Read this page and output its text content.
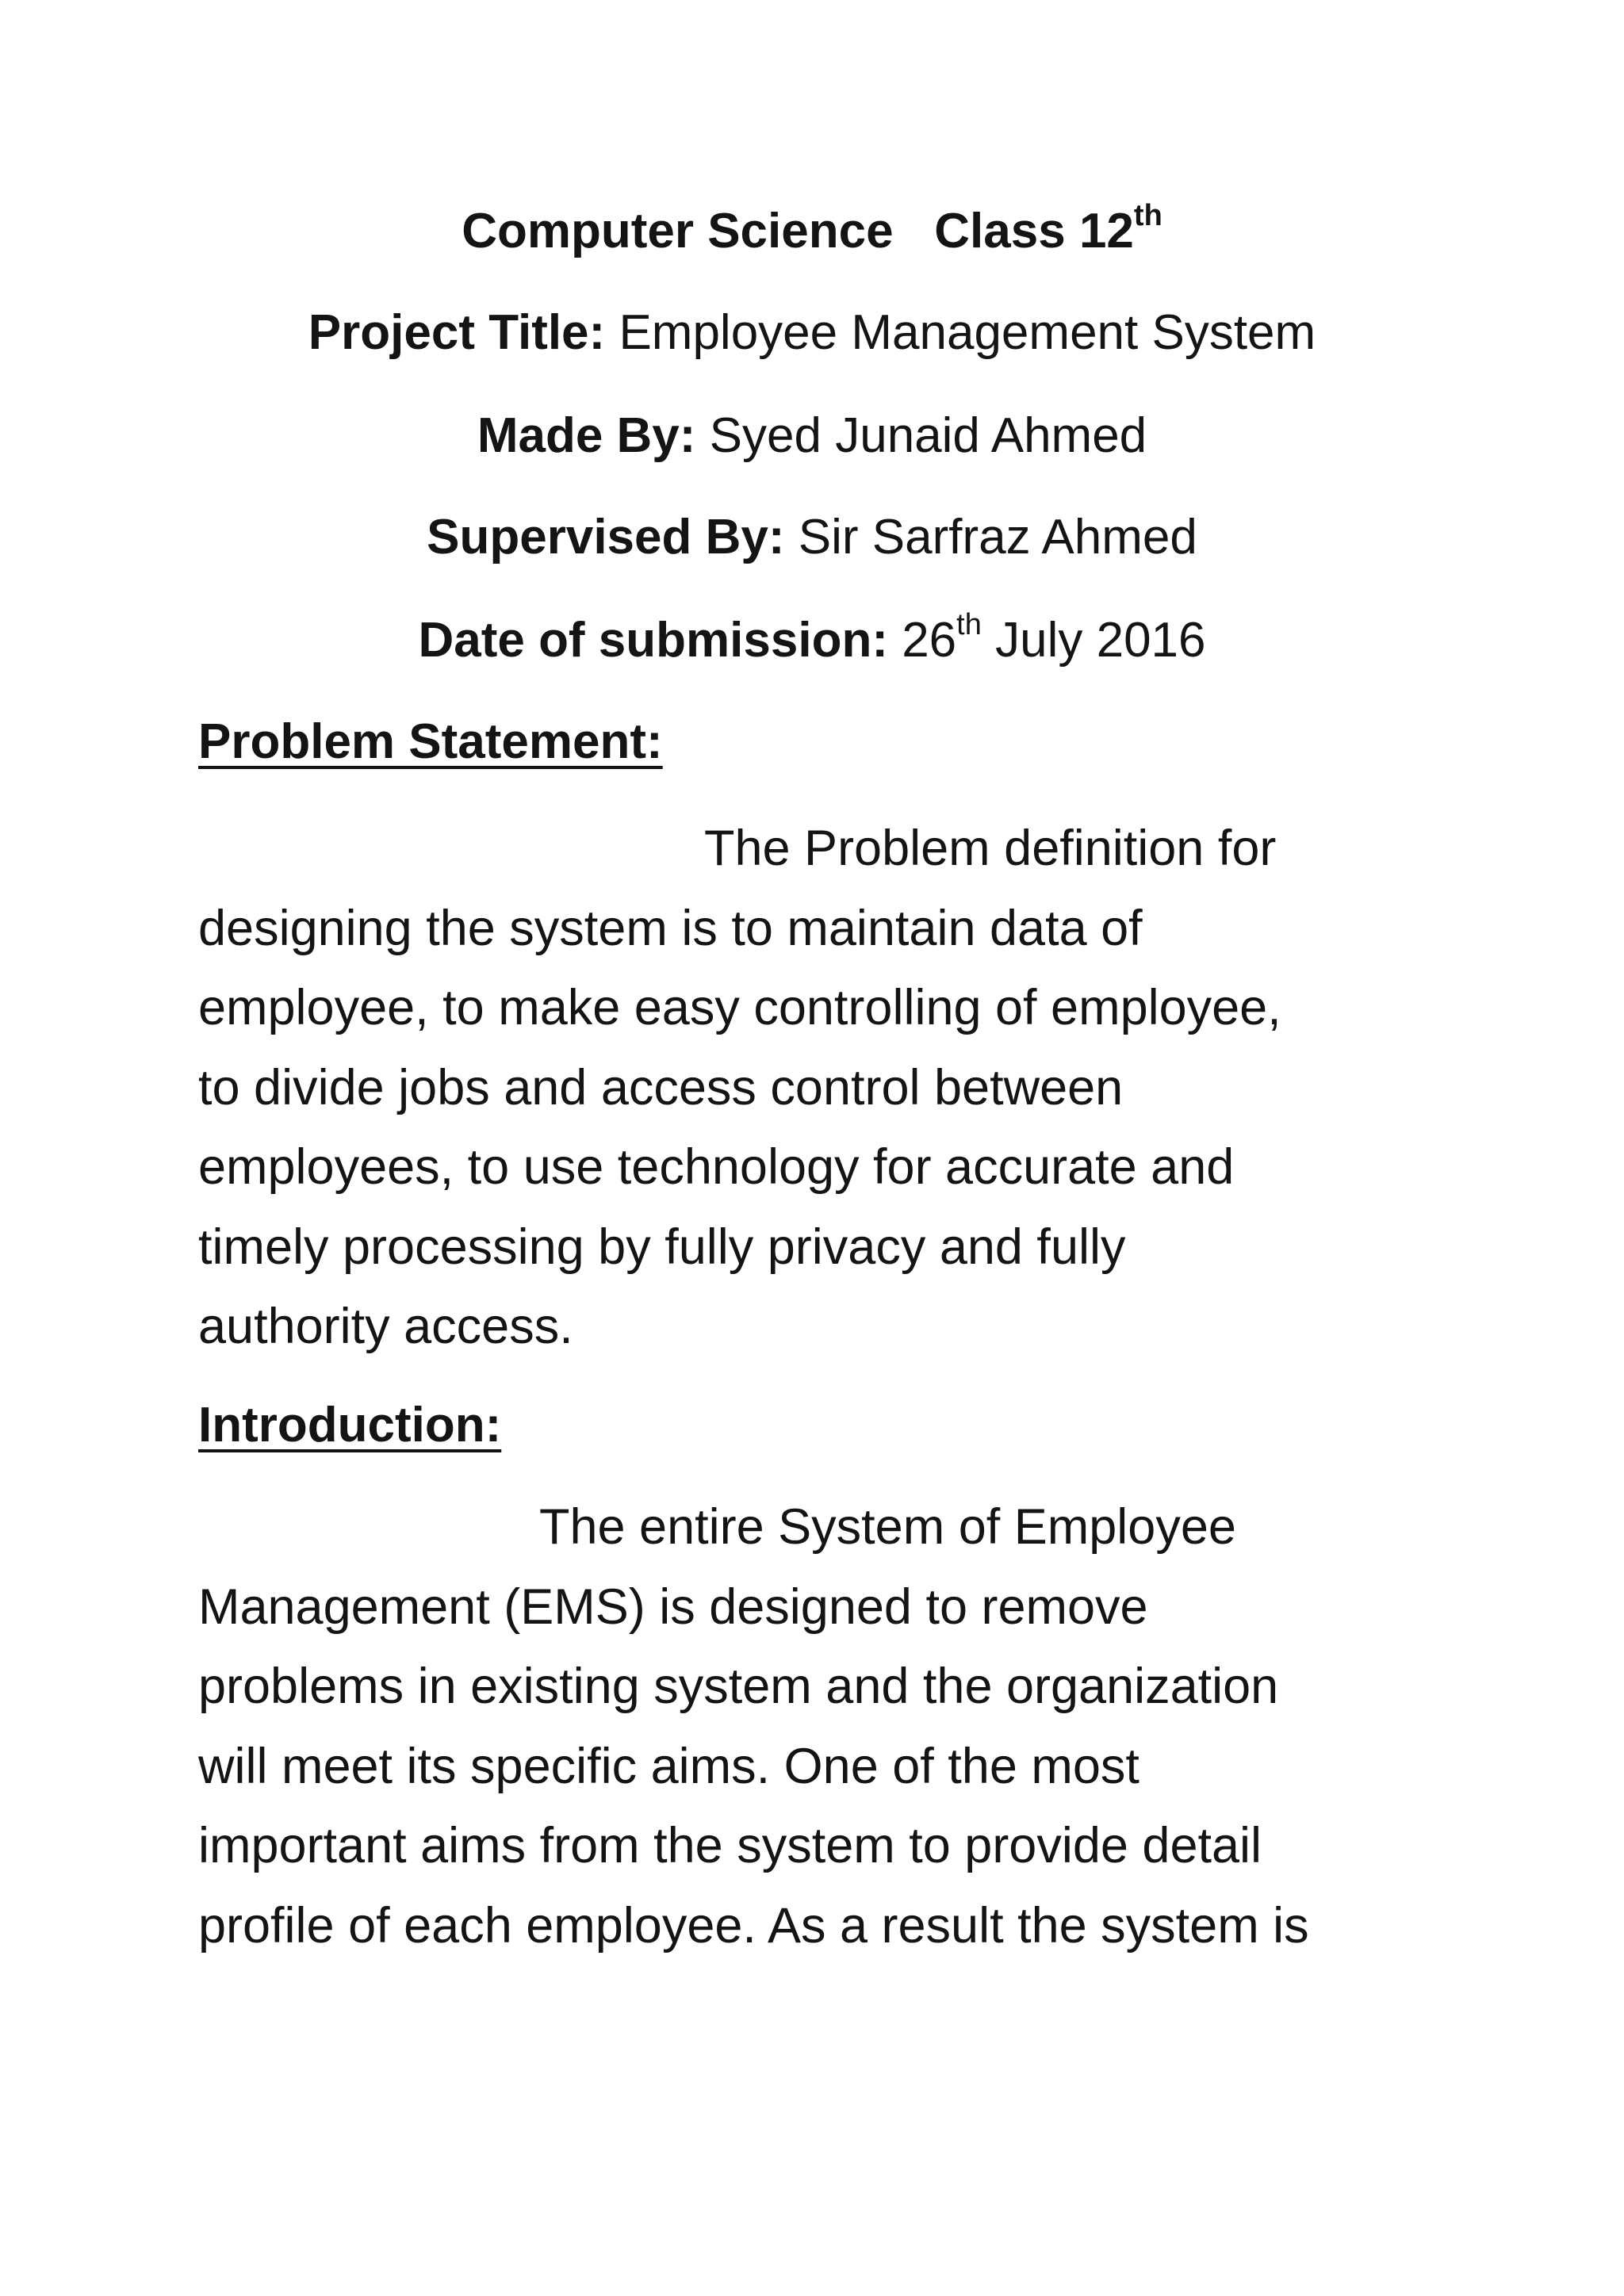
Computer Science Class 12th
Project Title: Employee Management System
Made By: Syed Junaid Ahmed
Supervised By: Sir Sarfraz Ahmed
Date of submission: 26th July 2016
Problem Statement:
The Problem definition for
designing the system is to maintain data of
employee, to make easy controlling of employee,
to divide jobs and access control between
employees, to use technology for accurate and
timely processing by fully privacy and fully
authority access.
Introduction:
The entire System of Employee
Management (EMS) is designed to remove
problems in existing system and the organization
will meet its specific aims. One of the most
important aims from the system to provide detail
profile of each employee. As a result the system is
